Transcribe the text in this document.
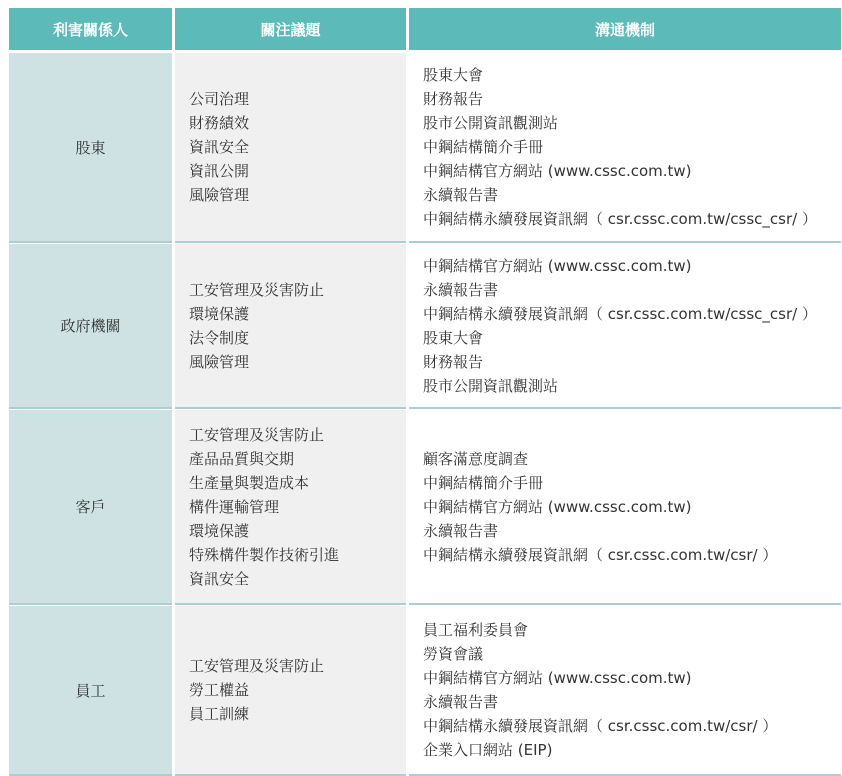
利害關係人	關注議題	溝通機制
股東
公司治理
財務績效
資訊安全
資訊公開
風險管理
股東大會
財務報告
股市公開資訊觀測站
中鋼結構簡介手冊
中鋼結構官方網站 (www.cssc.com.tw)
永續報告書
中鋼結構永續發展資訊網（ csr.cssc.com.tw/cssc_csr/ ）
政府機關
工安管理及災害防止
環境保護
法令制度
風險管理
中鋼結構官方網站 (www.cssc.com.tw)
永續報告書
中鋼結構永續發展資訊網（ csr.cssc.com.tw/cssc_csr/ ）
股東大會
財務報告
股市公開資訊觀測站
客戶
工安管理及災害防止
產品品質與交期
生產量與製造成本
構件運輸管理
環境保護
特殊構件製作技術引進
資訊安全
顧客滿意度調查
中鋼結構簡介手冊
中鋼結構官方網站 (www.cssc.com.tw)
永續報告書
中鋼結構永續發展資訊網（ csr.cssc.com.tw/csr/ ）
員工
工安管理及災害防止
勞工權益
員工訓練
員工福利委員會
勞資會議
中鋼結構官方網站 (www.cssc.com.tw)
永續報告書
中鋼結構永續發展資訊網（ csr.cssc.com.tw/csr/ ）
企業入口網站 (EIP)
